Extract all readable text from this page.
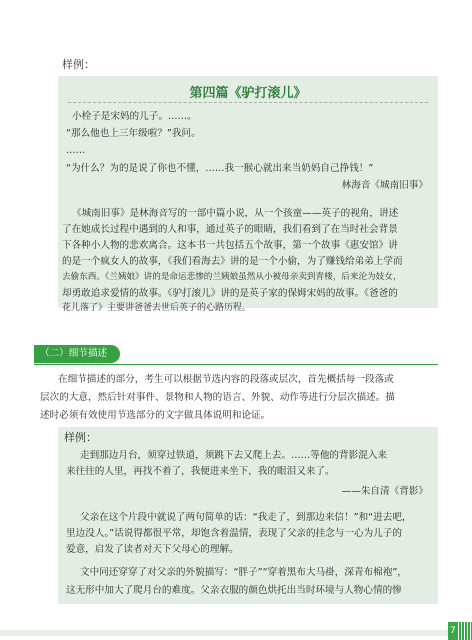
样例：
第四篇《驴打滚儿》
小栓子是宋妈的儿子。……。
“那么他也上三年级啦？”我问。
……
“为什么？为的是说了你也不懂，……我一猴心就出来当奶妈自己挣钱！”
林海音《城南旧事》
《城南旧事》是林海音写的一部中篇小说，从一个孩童——英子的视角，讲述
了在她成长过程中遇到的人和事，通过英子的眼睛，我们看到了在当时社会背景
下各种小人物的悲欢离合。这本书一共包括五个故事，第一个故事《惠安馆》讲
的是一个疯女人的故事，《我们看海去》讲的是一个小偷，为了赚钱给弟弟上学而
去偷东西。《兰姨娘》讲的是命运悲惨的兰姨娘虽然从小被母亲卖到青楼，后来沦为妓女，
却勇敢追求爱情的故事。《驴打滚儿》讲的是英子家的保姆宋妈的故事。《爸爸的
花儿落了》主要讲爸爸去世后英子的心路历程。
（二）细节描述
在细节描述的部分，考生可以根据节选内容的段落或层次，首先概括每一段落或
层次的大意，然后针对事件、景物和人物的语言、外貌、动作等进行分层次描述。描
述时必须有效使用节选部分的文字做具体说明和论证。
样例：
走到那边月台，须穿过铁道，须跳下去又爬上去。……等他的背影混入来
来往往的人里，再找不着了，我便进来坐下，我的眼泪又来了。
——朱自清《背影》
父亲在这个片段中就说了两句简单的话：“我走了，到那边来信！”和“进去吧，
里边没人。”话说得都很平常，却饱含着温情，表现了父亲的挂念与一心为儿子的
爱意，启发了读者对天下父母心的理解。
文中同还穿穿了对父亲的外貌描写：“胖子”“穿着黑布大马褂，深青布棉袍”，
这无形中加大了爬月台的难度。父亲衣服的颜色烘托出当时环境与人物心情的惨
7
